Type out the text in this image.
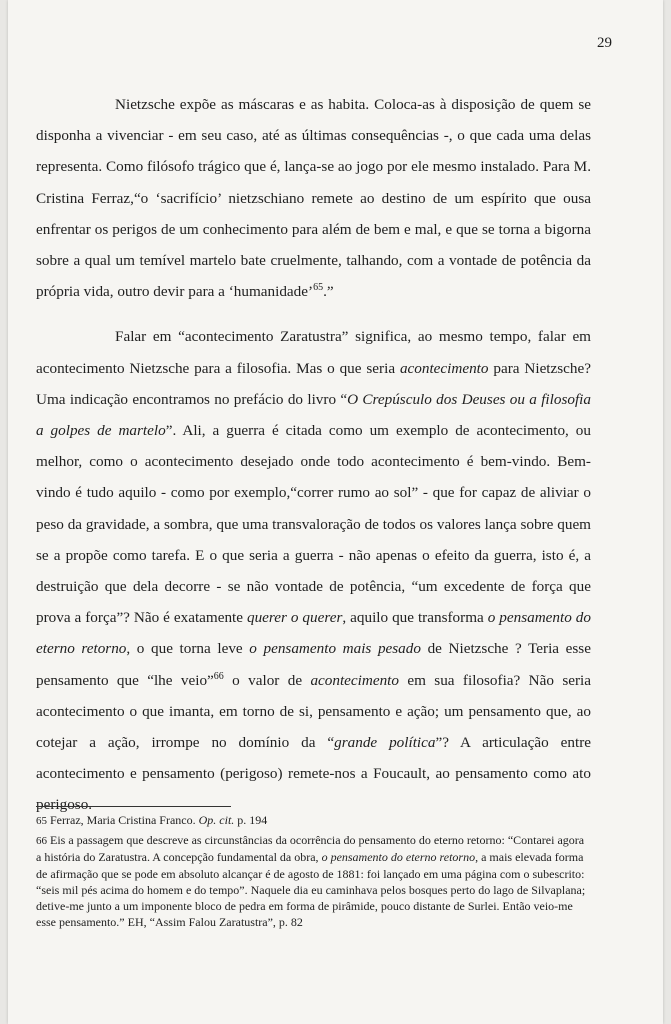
29

Nietzsche expõe as máscaras e as habita. Coloca-as à disposição de quem se disponha a vivenciar - em seu caso, até as últimas consequências -, o que cada uma delas representa. Como filósofo trágico que é, lança-se ao jogo por ele mesmo instalado. Para M. Cristina Ferraz,“o ‘sacrifício’ nietzschiano remete ao destino de um espírito que ousa enfrentar os perigos de um conhecimento para além de bem e mal, e que se torna a bigorna sobre a qual um temível martelo bate cruelmente, talhando, com a vontade de potência da própria vida, outro devir para a ‘humanidade’$^{65}$.”

Falar em “acontecimento Zaratustra” significa, ao mesmo tempo, falar em acontecimento Nietzsche para a filosofia. Mas o que seria acontecimento para Nietzsche? Uma indicação encontramos no prefácio do livro “O Crepúsculo dos Deuses ou a filosofia a golpes de martelo”. Ali, a guerra é citada como um exemplo de acontecimento, ou melhor, como o acontecimento desejado onde todo acontecimento é bem-vindo. Bem-vindo é tudo aquilo - como por exemplo,“correr rumo ao sol” - que for capaz de aliviar o peso da gravidade, a sombra, que uma transvaloração de todos os valores lança sobre quem se a propõe como tarefa. E o que seria a guerra - não apenas o efeito da guerra, isto é, a destruição que dela decorre - se não vontade de potência, “um excedente de força que prova a força”? Não é exatamente querer o querer, aquilo que transforma o pensamento do eterno retorno, o que torna leve o pensamento mais pesado de Nietzsche ? Teria esse pensamento que “lhe veio”$^{66}$ o valor de acontecimento em sua filosofia? Não seria acontecimento o que imanta, em torno de si, pensamento e ação; um pensamento que, ao cotejar a ação, irrompe no domínio da “grande política”? A articulação entre acontecimento e pensamento (perigoso) remete-nos a Foucault, ao pensamento como ato perigoso.

65 Ferraz, Maria Cristina Franco. Op. cit. p. 194

66 Eis a passagem que descreve as circunstâncias da ocorrência do pensamento do eterno retorno: “Contarei agora a história do Zaratustra. A concepção fundamental da obra, o pensamento do eterno retorno, a mais elevada forma de afirmação que se pode em absoluto alcançar é de agosto de 1881: foi lançado em uma página com o subescrito: “seis mil pés acima do homem e do tempo”. Naquele dia eu caminhava pelos bosques perto do lago de Silvaplana; detive-me junto a um imponente bloco de pedra em forma de pirâmide, pouco distante de Surlei. Então veio-me esse pensamento.” EH, “Assim Falou Zaratustra”, p. 82
